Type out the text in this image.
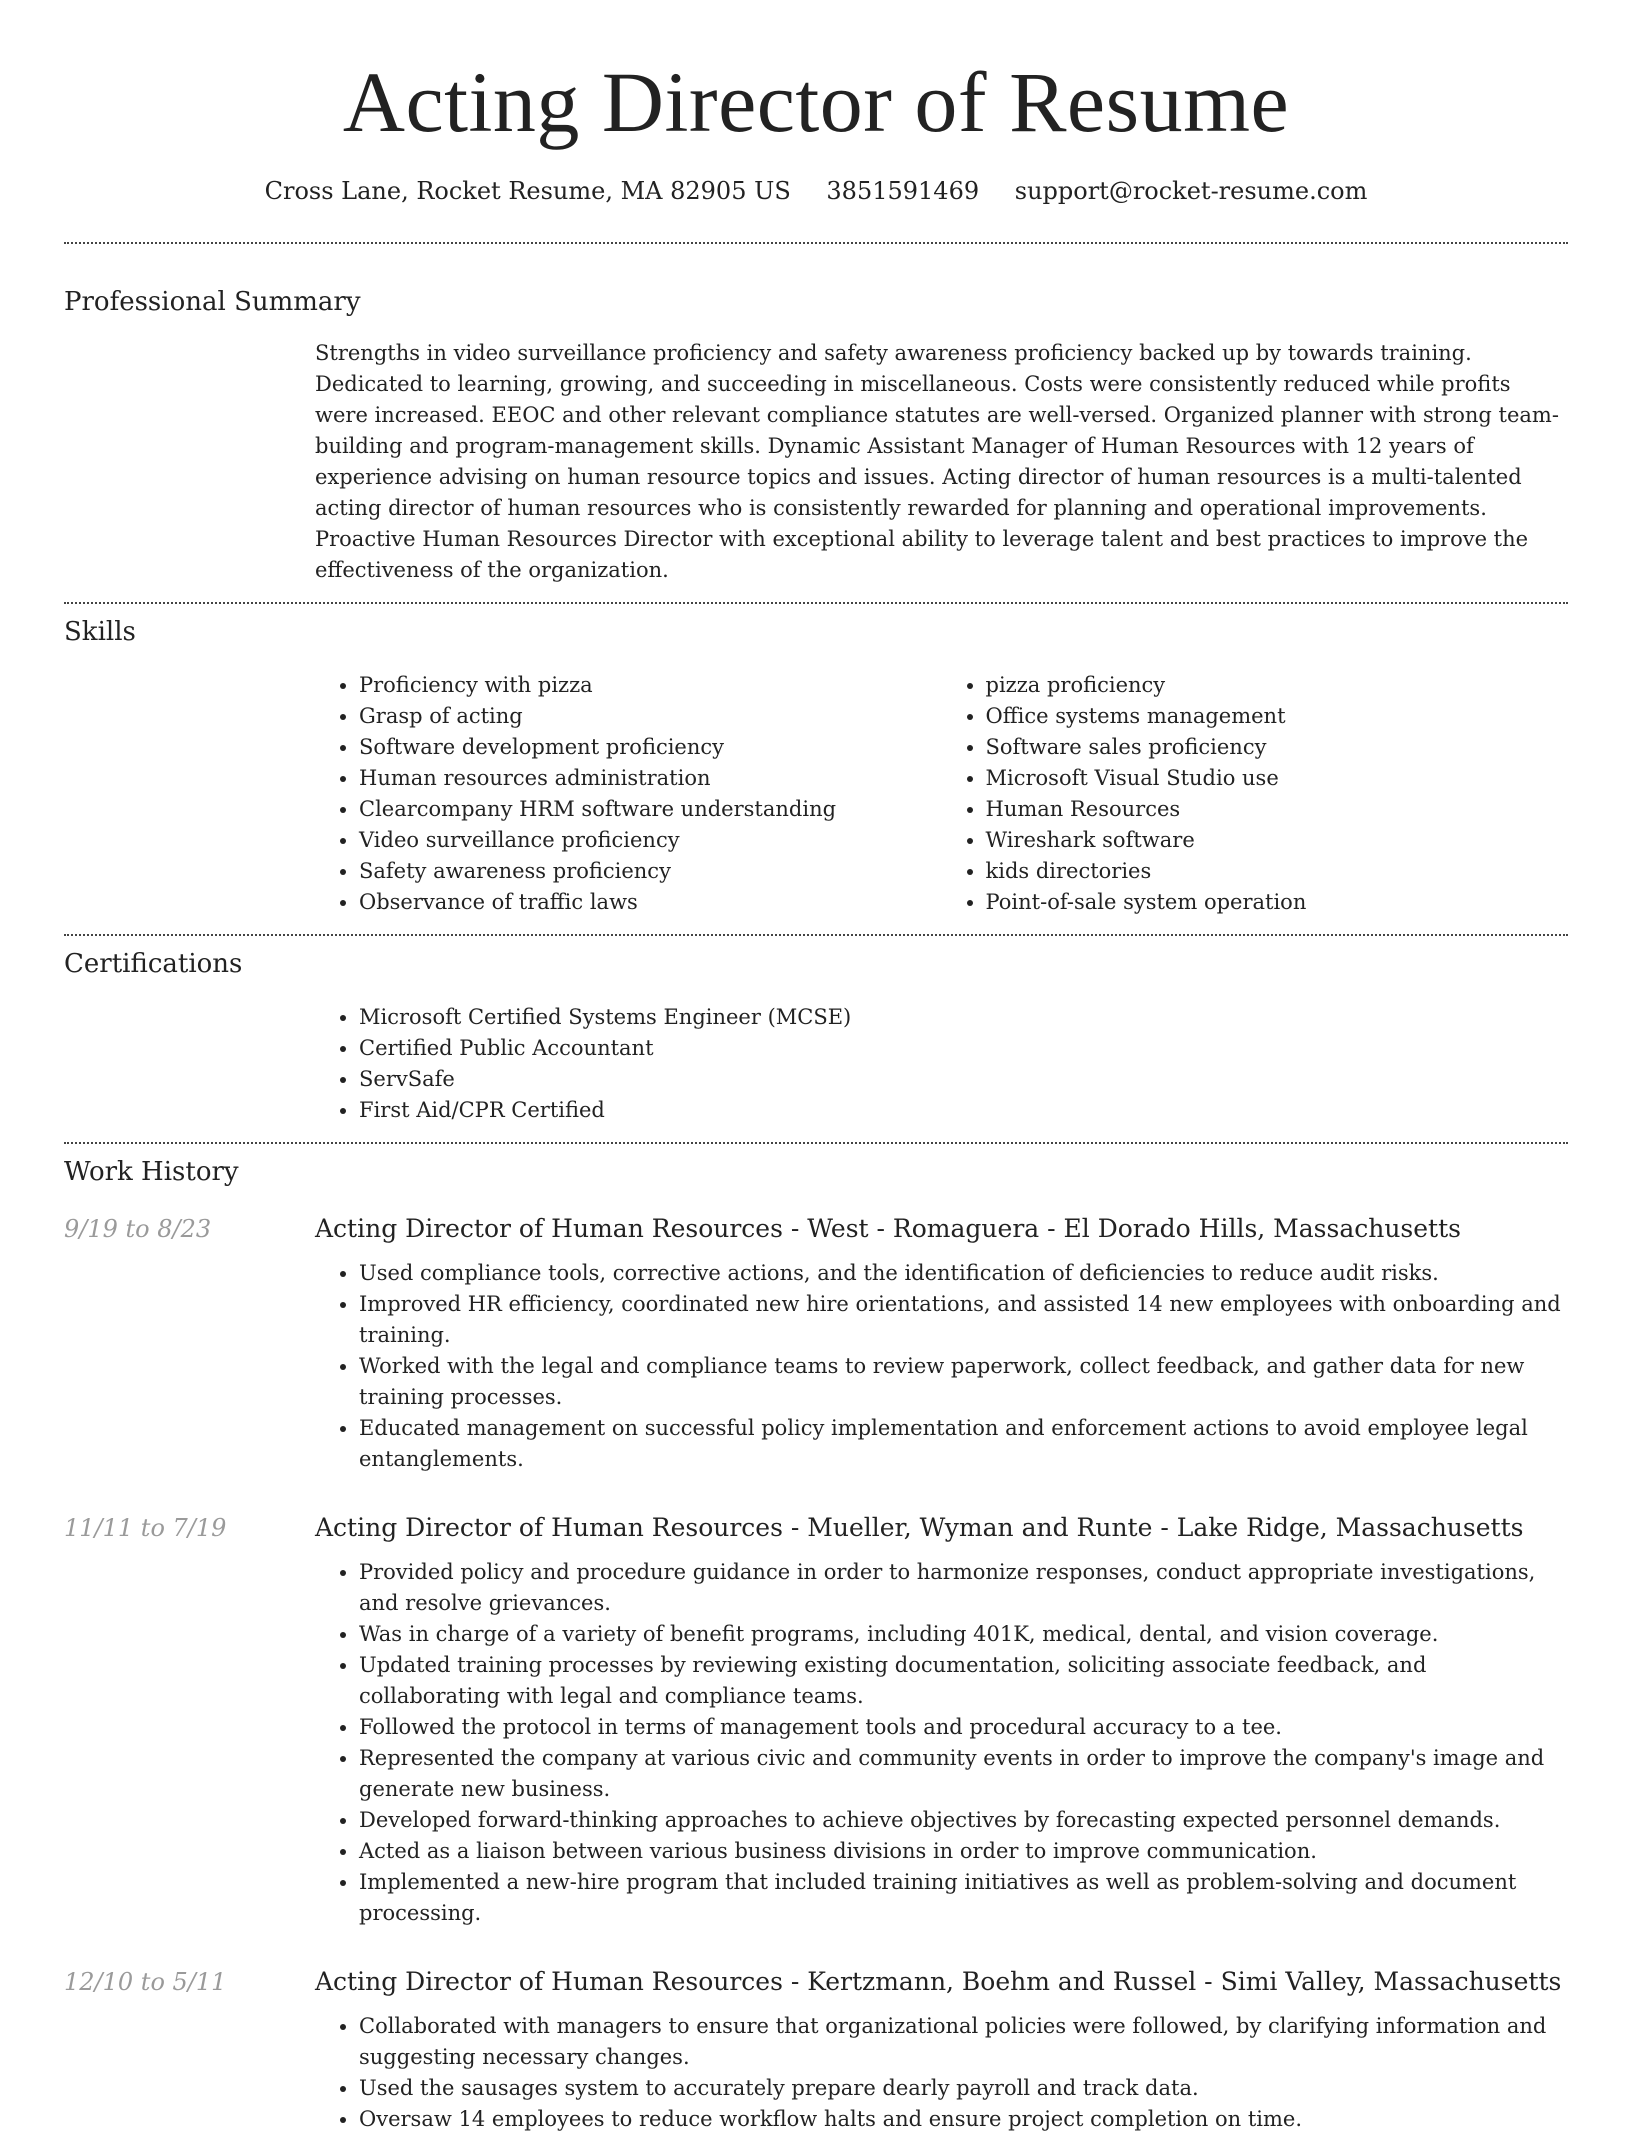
Acting Director of Resume
Cross Lane, Rocket Resume, MA 82905 US 3851591469 support@rocket-resume.com
Professional Summary

Strengths in video surveillance proficiency and safety awareness proficiency backed up by towards training. Dedicated to learning, growing, and succeeding in miscellaneous. Costs were consistently reduced while profits were increased. EEOC and other relevant compliance statutes are well-versed. Organized planner with strong team-building and program-management skills. Dynamic Assistant Manager of Human Resources with 12 years of experience advising on human resource topics and issues. Acting director of human resources is a multi-talented acting director of human resources who is consistently rewarded for planning and operational improvements. Proactive Human Resources Director with exceptional ability to leverage talent and best practices to improve the effectiveness of the organization.

Skills
• Proficiency with pizza
• Grasp of acting
• Software development proficiency
• Human resources administration
• Clearcompany HRM software understanding
• Video surveillance proficiency
• Safety awareness proficiency
• Observance of traffic laws
• pizza proficiency
• Office systems management
• Software sales proficiency
• Microsoft Visual Studio use
• Human Resources
• Wireshark software
• kids directories
• Point-of-sale system operation
Certifications
• Microsoft Certified Systems Engineer (MCSE)
• Certified Public Accountant
• ServSafe
• First Aid/CPR Certified
Work History
9/19 to 8/23	Acting Director of Human Resources - West - Romaguera - El Dorado Hills, Massachusetts
• Used compliance tools, corrective actions, and the identification of deficiencies to reduce audit risks.
• Improved HR efficiency, coordinated new hire orientations, and assisted 14 new employees with onboarding and training.
• Worked with the legal and compliance teams to review paperwork, collect feedback, and gather data for new training processes.
• Educated management on successful policy implementation and enforcement actions to avoid employee legal entanglements.
11/11 to 7/19	Acting Director of Human Resources - Mueller, Wyman and Runte - Lake Ridge, Massachusetts
• Provided policy and procedure guidance in order to harmonize responses, conduct appropriate investigations, and resolve grievances.
• Was in charge of a variety of benefit programs, including 401K, medical, dental, and vision coverage.
• Updated training processes by reviewing existing documentation, soliciting associate feedback, and collaborating with legal and compliance teams.
• Followed the protocol in terms of management tools and procedural accuracy to a tee.
• Represented the company at various civic and community events in order to improve the company's image and generate new business.
• Developed forward-thinking approaches to achieve objectives by forecasting expected personnel demands.
• Acted as a liaison between various business divisions in order to improve communication.
• Implemented a new-hire program that included training initiatives as well as problem-solving and document processing.
12/10 to 5/11	Acting Director of Human Resources - Kertzmann, Boehm and Russel - Simi Valley, Massachusetts
• Collaborated with managers to ensure that organizational policies were followed, by clarifying information and suggesting necessary changes.
• Used the sausages system to accurately prepare dearly payroll and track data.
• Oversaw 14 employees to reduce workflow halts and ensure project completion on time.
